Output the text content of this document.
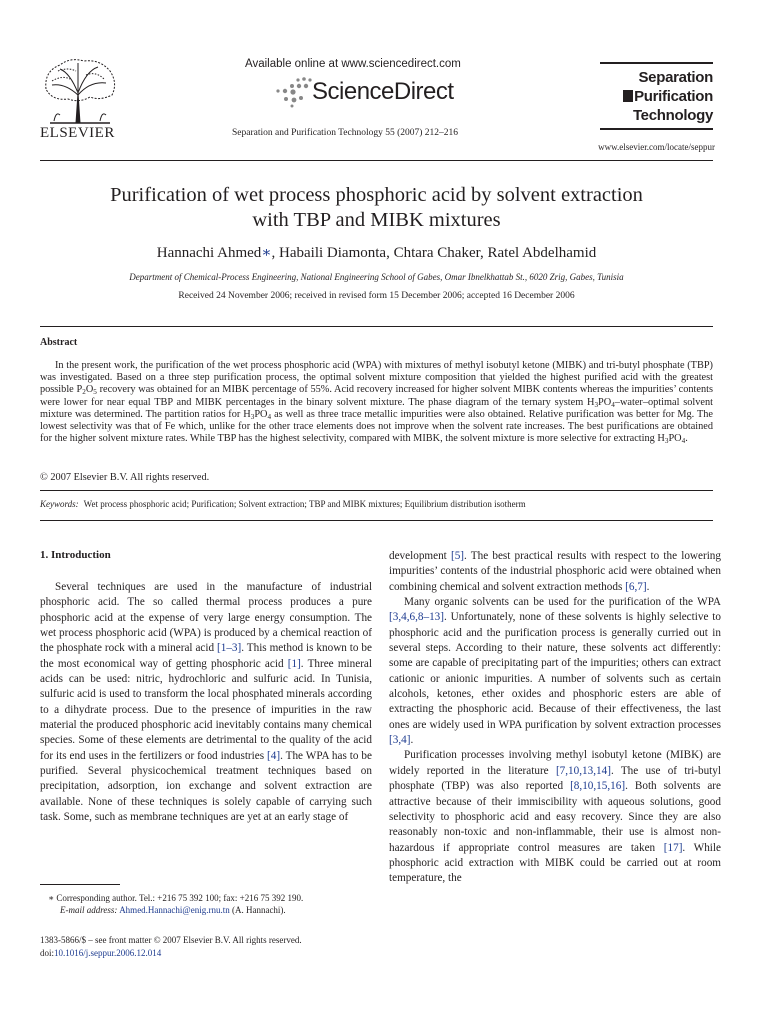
ELSEVIER
Available online at www.sciencedirect.com
ScienceDirect
Separation and Purification Technology 55 (2007) 212–216
Separation
Purification
Technology
www.elsevier.com/locate/seppur
Purification of wet process phosphoric acid by solvent extraction
with TBP and MIBK mixtures
Hannachi Ahmed∗, Habaili Diamonta, Chtara Chaker, Ratel Abdelhamid
Department of Chemical-Process Engineering, National Engineering School of Gabes, Omar Ibnelkhattab St., 6020 Zrig, Gabes, Tunisia
Received 24 November 2006; received in revised form 15 December 2006; accepted 16 December 2006
Abstract

In the present work, the purification of the wet process phosphoric acid (WPA) with mixtures of methyl isobutyl ketone (MIBK) and tri-butyl phosphate (TBP) was investigated. Based on a three step purification process, the optimal solvent mixture composition that yielded the highest purified acid with the greatest possible $P_2O_5$ recovery was obtained for an MIBK percentage of 55%. Acid recovery increased for higher solvent MIBK contents whereas the impurities’ contents were lower for near equal TBP and MIBK percentages in the binary solvent mixture. The phase diagram of the ternary system $H_3PO_4-water$–optimal solvent mixture was determined. The partition ratios for $H_3PO_4$ as well as three trace metallic impurities were also obtained. Relative purification was better for Mg. The lowest selectivity was that of Fe which, unlike for the other trace elements does not improve when the solvent rate increases. The best purifications are obtained for the higher solvent mixture rates. While TBP has the highest selectivity, compared with MIBK, the solvent mixture is more selective for extracting $H_3PO_4$.

© 2007 Elsevier B.V. All rights reserved.
Keywords: Wet process phosphoric acid; Purification; Solvent extraction; TBP and MIBK mixtures; Equilibrium distribution isotherm
1. Introduction

Several techniques are used in the manufacture of industrial phosphoric acid. The so called thermal process produces a pure phosphoric acid at the expense of very large energy consumption. The wet process phosphoric acid (WPA) is produced by a chemical reaction of the phosphate rock with a mineral acid [1–3]. This method is known to be the most economical way of getting phosphoric acid [1]. Three mineral acids can be used: nitric, hydrochloric and sulfuric acid. In Tunisia, sulfuric acid is used to transform the local phosphated minerals according to a dihydrate process. Due to the presence of impurities in the raw material the produced phosphoric acid inevitably contains many chemical species. Some of these elements are detrimental to the quality of the acid for its end uses in the fertilizers or food industries [4]. The WPA has to be purified. Several physicochemical treatment techniques based on precipitation, adsorption, ion exchange and solvent extraction are available. None of these techniques is solely capable of carrying such task. Some, such as membrane techniques are yet at an early stage of

development [5]. The best practical results with respect to the lowering impurities’ contents of the industrial phosphoric acid were obtained when combining chemical and solvent extraction methods [6,7].

Many organic solvents can be used for the purification of the WPA [3,4,6,8–13]. Unfortunately, none of these solvents is highly selective to phosphoric acid and the purification process is generally curried out in several steps. According to their nature, these solvents act differently: some are capable of precipitating part of the impurities; others can extract cationic or anionic impurities. A number of solvents such as certain alcohols, ketones, ether oxides and phosphoric esters are able of extracting the phosphoric acid. Because of their effectiveness, the last ones are widely used in WPA purification by solvent extraction processes [3,4].

Purification processes involving methyl isobutyl ketone (MIBK) are widely reported in the literature [7,10,13,14]. The use of tri-butyl phosphate (TBP) was also reported [8,10,15,16]. Both solvents are attractive because of their immiscibility with aqueous solutions, good selectivity to phosphoric acid and easy recovery. Since they are also reasonably non-toxic and non-inflammable, their use is almost non-hazardous if appropriate control measures are taken [17]. While phosphoric acid extraction with MIBK could be carried out at room temperature, the

∗ Corresponding author. Tel.: +216 75 392 100; fax: +216 75 392 190.
E-mail address: Ahmed.Hannachi@enig.rnu.tn (A. Hannachi).
1383-5866/$ – see front matter © 2007 Elsevier B.V. All rights reserved.
doi:10.1016/j.seppur.2006.12.014
